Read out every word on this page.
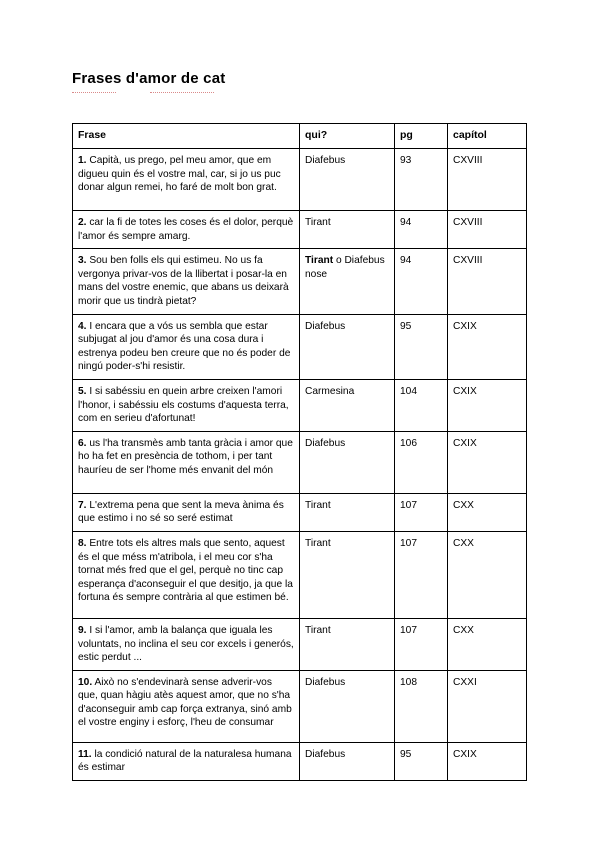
Frases d'amor de cat
Frase	qui?	pg	capítol
1. Capità, us prego, pel meu amor, que em digueu quin és el vostre mal, car, si jo us puc donar algun remei, ho faré de molt bon grat.	Diafebus	93	CXVIII
2. car la fi de totes les coses és el dolor, perquè l'amor és sempre amarg.	Tirant	94	CXVIII
3. Sou ben folls els qui estimeu. No us fa vergonya privar-vos de la llibertat i posar-la en mans del vostre enemic, que abans us deixarà morir que us tindrà pietat?	Tirant o Diafebus nose	94	CXVIII
4. I encara que a vós us sembla que estar subjugat al jou d'amor és una cosa dura i estrenya podeu ben creure que no és poder de ningú poder-s'hi resistir.	Diafebus	95	CXIX
5. I si sabéssiu en quein arbre creixen l'amori l'honor, i sabéssiu els costums d'aquesta terra, com en serieu d'afortunat!	Carmesina	104	CXIX
6. us l'ha transmès amb tanta gràcia i amor que ho ha fet en presència de tothom, i per tant hauríeu de ser l'home més envanit del món	Diafebus	106	CXIX
7. L'extrema pena que sent la meva ànima és que estimo i no sé so seré estimat	Tirant	107	CXX
8. Entre tots els altres mals que sento, aquest és el que méss m'atribola, i el meu cor s'ha tornat més fred que el gel, perquè no tinc cap esperança d'aconseguir el que desitjo, ja que la fortuna és sempre contrària al que estimen bé.	Tirant	107	CXX
9. I si l'amor, amb la balança que iguala les voluntats, no inclina el seu cor excels i generós, estic perdut ...	Tirant	107	CXX
10. Això no s'endevinarà sense adverir-vos que, quan hàgiu atès aquest amor, que no s'ha d'aconseguir amb cap força extranya, sinó amb el vostre enginy i esforç, l'heu de consumar	Diafebus	108	CXXI
11. la condició natural de la naturalesa humana és estimar	Diafebus	95	CXIX
